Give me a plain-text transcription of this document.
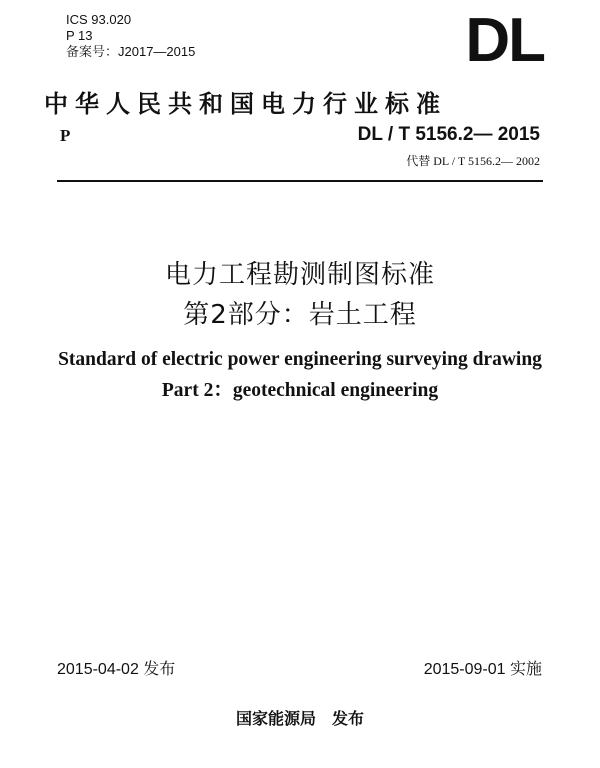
ICS 93.020
P 13
备案号：J2017—2015	DL
中华人民共和国电力行业标准
P	DL / T 5156.2— 2015
代替 DL / T 5156.2— 2002
电力工程勘测制图标准
第2部分：岩土工程
Standard of electric power engineering surveying drawing
Part 2：geotechnical engineering
2015-04-02 发布	2015-09-01 实施
国家能源局　发布
